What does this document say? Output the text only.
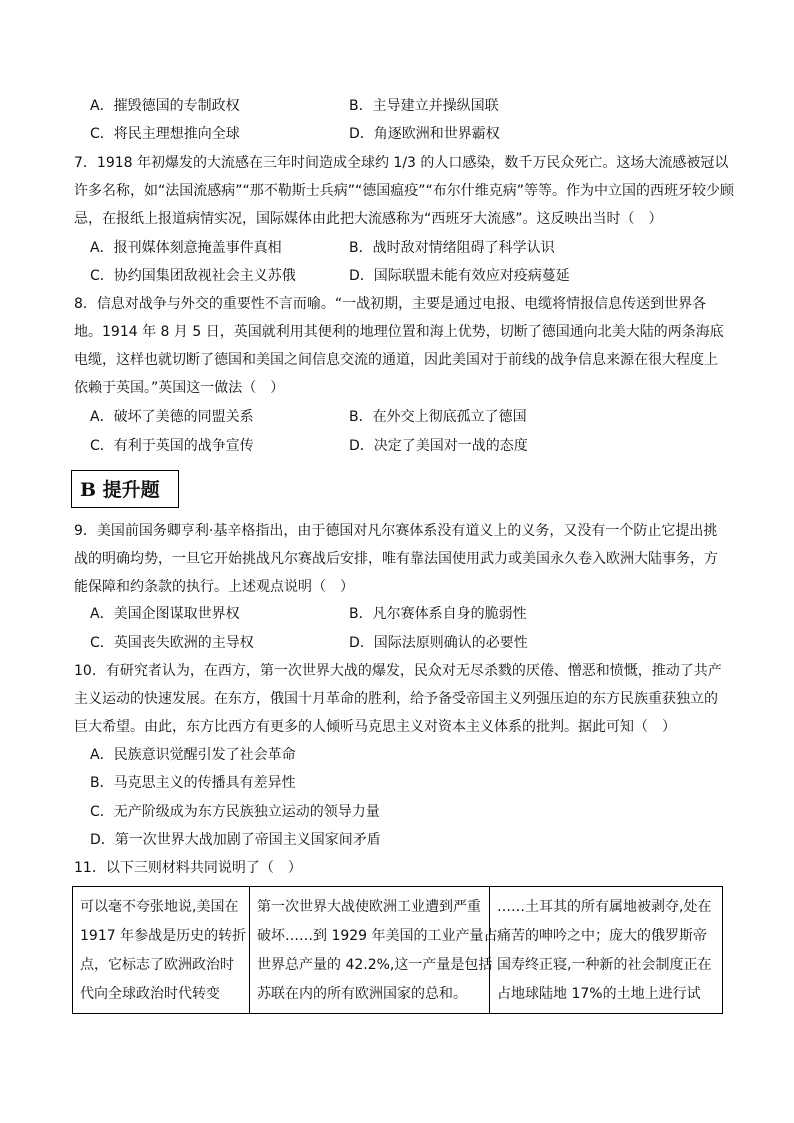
A．摧毁德国的专制政权	B．主导建立并操纵国联
C．将民主理想推向全球	D．角逐欧洲和世界霸权
7．1918 年初爆发的大流感在三年时间造成全球约 1/3 的人口感染，数千万民众死亡。这场大流感被冠以
许多名称，如“法国流感病”“那不勒斯士兵病”“德国瘟疫”“布尔什维克病”等等。作为中立国的西班牙较少顾
忌，在报纸上报道病情实况，国际媒体由此把大流感称为“西班牙大流感”。这反映出当时（　）
A．报刊媒体刻意掩盖事件真相	B．战时敌对情绪阻碍了科学认识
C．协约国集团敌视社会主义苏俄	D．国际联盟未能有效应对疫病蔓延
8．信息对战争与外交的重要性不言而喻。“一战初期，主要是通过电报、电缆将情报信息传送到世界各
地。1914 年 8 月 5 日，英国就利用其便利的地理位置和海上优势，切断了德国通向北美大陆的两条海底
电缆，这样也就切断了德国和美国之间信息交流的通道，因此美国对于前线的战争信息来源在很大程度上
依赖于英国。”英国这一做法（　）
A．破坏了美德的同盟关系	B．在外交上彻底孤立了德国
C．有利于英国的战争宣传	D．决定了美国对一战的态度
B 提升题
9．美国前国务卿亨利·基辛格指出，由于德国对凡尔赛体系没有道义上的义务，又没有一个防止它提出挑
战的明确均势，一旦它开始挑战凡尔赛战后安排，唯有靠法国使用武力或美国永久卷入欧洲大陆事务，方
能保障和约条款的执行。上述观点说明（　）
A．美国企图谋取世界权	B．凡尔赛体系自身的脆弱性
C．英国丧失欧洲的主导权	D．国际法原则确认的必要性
10．有研究者认为，在西方，第一次世界大战的爆发，民众对无尽杀戮的厌倦、憎恶和愤慨，推动了共产
主义运动的快速发展。在东方，俄国十月革命的胜利，给予备受帝国主义列强压迫的东方民族重获独立的
巨大希望。由此，东方比西方有更多的人倾听马克思主义对资本主义体系的批判。据此可知（　）
A．民族意识觉醒引发了社会革命
B．马克思主义的传播具有差异性
C．无产阶级成为东方民族独立运动的领导力量
D．第一次世界大战加剧了帝国主义国家间矛盾
11．以下三则材料共同说明了（　）
可以毫不夸张地说,美国在
1917 年参战是历史的转折
点，它标志了欧洲政治时
代向全球政治时代转变

第一次世界大战使欧洲工业遭到严重
破坏……到 1929 年美国的工业产量占
世界总产量的 42.2%,这一产量是包括
苏联在内的所有欧洲国家的总和。

……土耳其的所有属地被剥夺,处在
痛苦的呻吟之中；庞大的俄罗斯帝
国寿终正寝,一种新的社会制度正在
占地球陆地 17%的土地上进行试
